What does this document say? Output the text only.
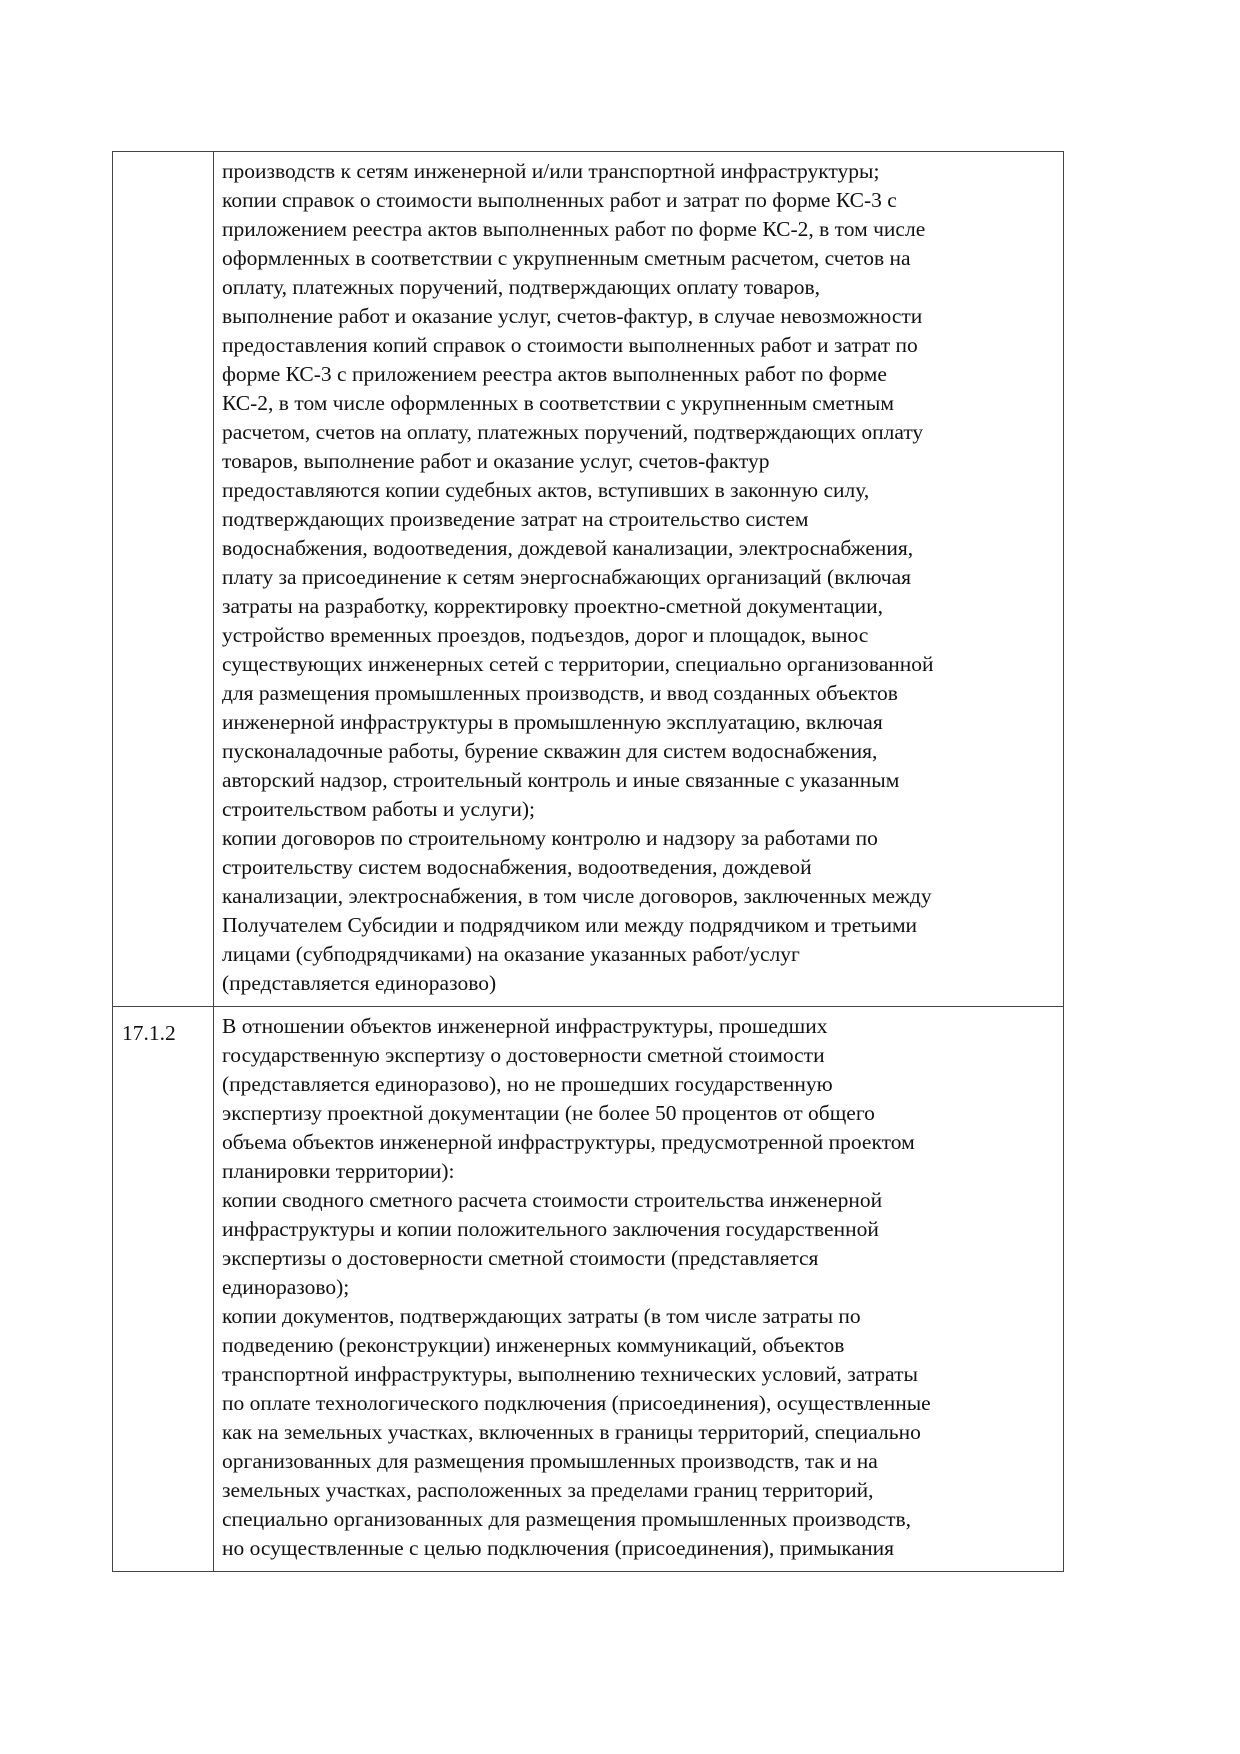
производств к сетям инженерной и/или транспортной инфраструктуры;
копии справок о стоимости выполненных работ и затрат по форме КС-3 с
приложением реестра актов выполненных работ по форме КС-2, в том числе
оформленных в соответствии с укрупненным сметным расчетом, счетов на
оплату, платежных поручений, подтверждающих оплату товаров,
выполнение работ и оказание услуг, счетов-фактур, в случае невозможности
предоставления копий справок о стоимости выполненных работ и затрат по
форме КС-3 с приложением реестра актов выполненных работ по форме
КС-2, в том числе оформленных в соответствии с укрупненным сметным
расчетом, счетов на оплату, платежных поручений, подтверждающих оплату
товаров, выполнение работ и оказание услуг, счетов-фактур
предоставляются копии судебных актов, вступивших в законную силу,
подтверждающих произведение затрат на строительство систем
водоснабжения, водоотведения, дождевой канализации, электроснабжения,
плату за присоединение к сетям энергоснабжающих организаций (включая
затраты на разработку, корректировку проектно-сметной документации,
устройство временных проездов, подъездов, дорог и площадок, вынос
существующих инженерных сетей с территории, специально организованной
для размещения промышленных производств, и ввод созданных объектов
инженерной инфраструктуры в промышленную эксплуатацию, включая
пусконаладочные работы, бурение скважин для систем водоснабжения,
авторский надзор, строительный контроль и иные связанные с указанным
строительством работы и услуги);
копии договоров по строительному контролю и надзору за работами по
строительству систем водоснабжения, водоотведения, дождевой
канализации, электроснабжения, в том числе договоров, заключенных между
Получателем Субсидии и подрядчиком или между подрядчиком и третьими
лицами (субподрядчиками) на оказание указанных работ/услуг
(представляется единоразово)
17.1.2	В отношении объектов инженерной инфраструктуры, прошедших
государственную экспертизу о достоверности сметной стоимости
(представляется единоразово), но не прошедших государственную
экспертизу проектной документации (не более 50 процентов от общего
объема объектов инженерной инфраструктуры, предусмотренной проектом
планировки территории):
копии сводного сметного расчета стоимости строительства инженерной
инфраструктуры и копии положительного заключения государственной
экспертизы о достоверности сметной стоимости (представляется
единоразово);
копии документов, подтверждающих затраты (в том числе затраты по
подведению (реконструкции) инженерных коммуникаций, объектов
транспортной инфраструктуры, выполнению технических условий, затраты
по оплате технологического подключения (присоединения), осуществленные
как на земельных участках, включенных в границы территорий, специально
организованных для размещения промышленных производств, так и на
земельных участках, расположенных за пределами границ территорий,
специально организованных для размещения промышленных производств,
но осуществленные с целью подключения (присоединения), примыкания
